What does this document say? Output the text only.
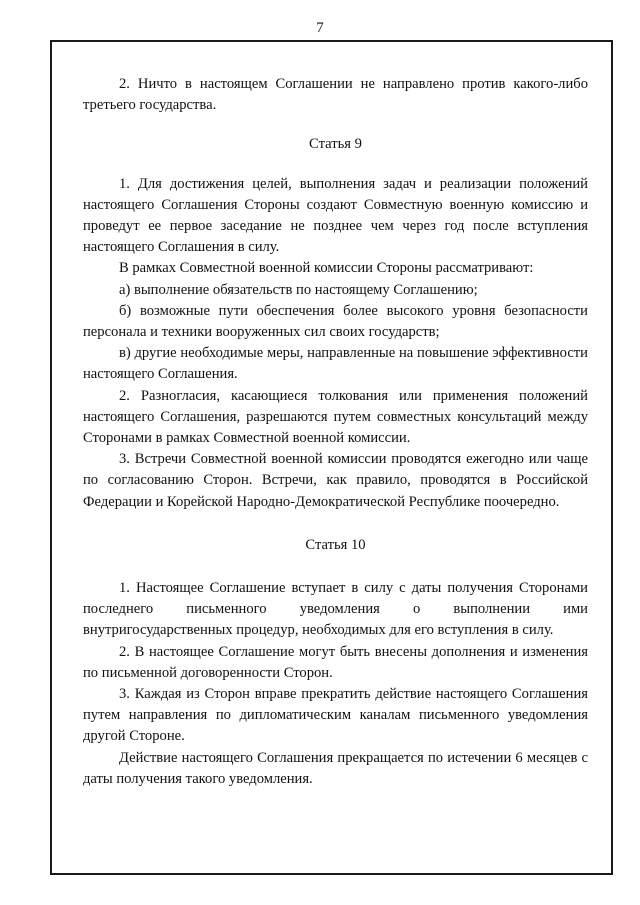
7

2. Ничто в настоящем Соглашении не направлено против какого-либо третьего государства.

Статья 9

1. Для достижения целей, выполнения задач и реализации положений настоящего Соглашения Стороны создают Совместную военную комиссию и проведут ее первое заседание не позднее чем через год после вступления настоящего Соглашения в силу.

В рамках Совместной военной комиссии Стороны рассматривают:

а) выполнение обязательств по настоящему Соглашению;

б) возможные пути обеспечения более высокого уровня безопасности персонала и техники вооруженных сил своих государств;

в) другие необходимые меры, направленные на повышение эффективности настоящего Соглашения.

2. Разногласия, касающиеся толкования или применения положений настоящего Соглашения, разрешаются путем совместных консультаций между Сторонами в рамках Совместной военной комиссии.

3. Встречи Совместной военной комиссии проводятся ежегодно или чаще по согласованию Сторон. Встречи, как правило, проводятся в Российской Федерации и Корейской Народно-Демократической Республике поочередно.

Статья 10

1. Настоящее Соглашение вступает в силу с даты получения Сторонами последнего письменного уведомления о выполнении ими внутригосударственных процедур, необходимых для его вступления в силу.

2. В настоящее Соглашение могут быть внесены дополнения и изменения по письменной договоренности Сторон.

3. Каждая из Сторон вправе прекратить действие настоящего Соглашения путем направления по дипломатическим каналам письменного уведомления другой Стороне.

Действие настоящего Соглашения прекращается по истечении 6 месяцев с даты получения такого уведомления.
